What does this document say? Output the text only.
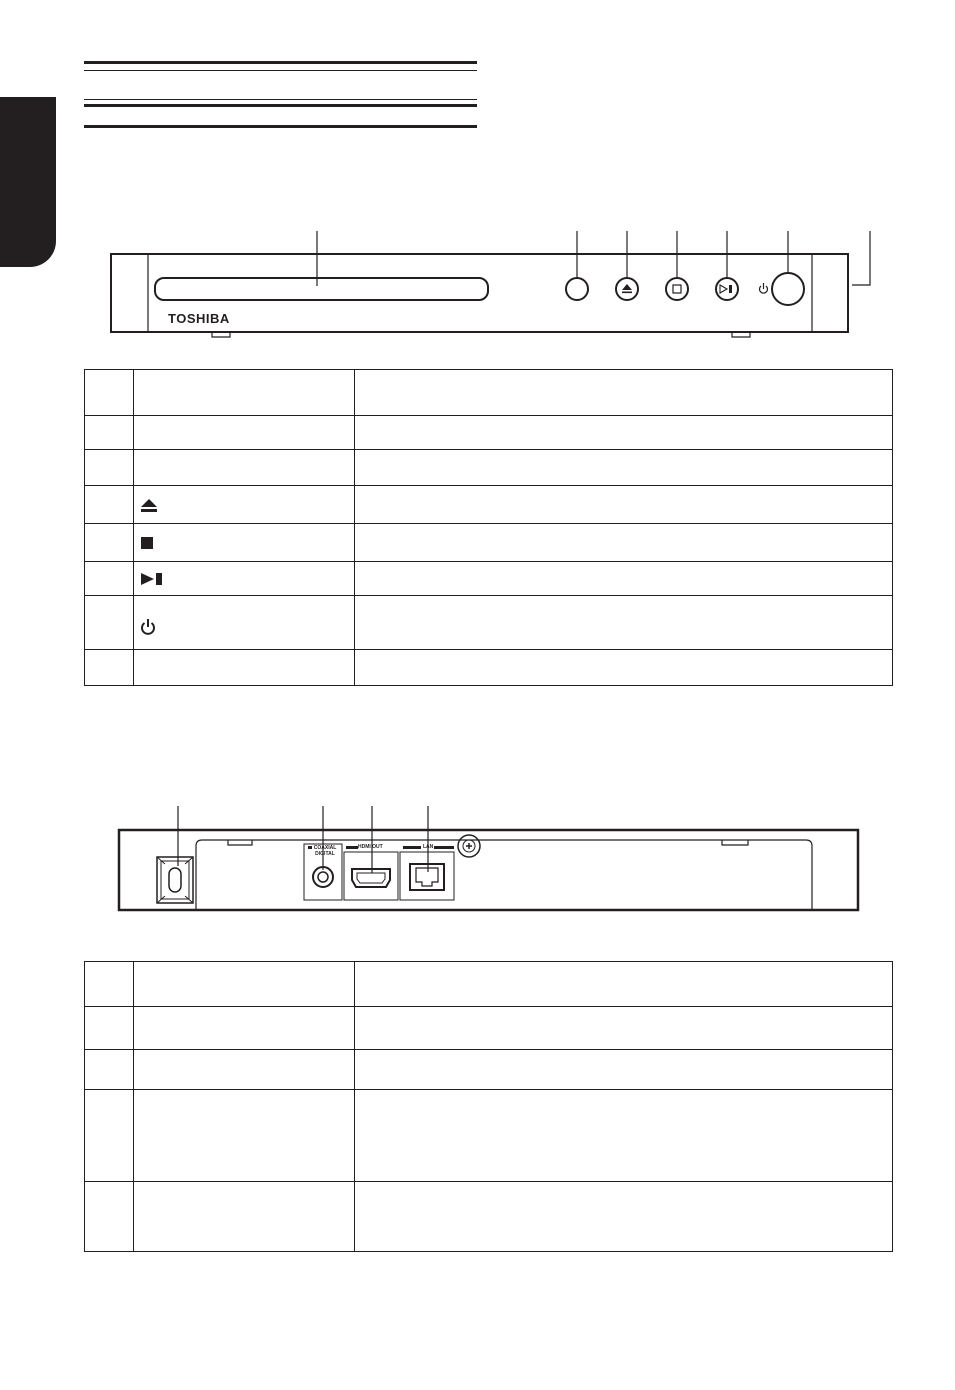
TOSHIBA

COAXIAL
DIGITAL
HDMI OUT	LAN
